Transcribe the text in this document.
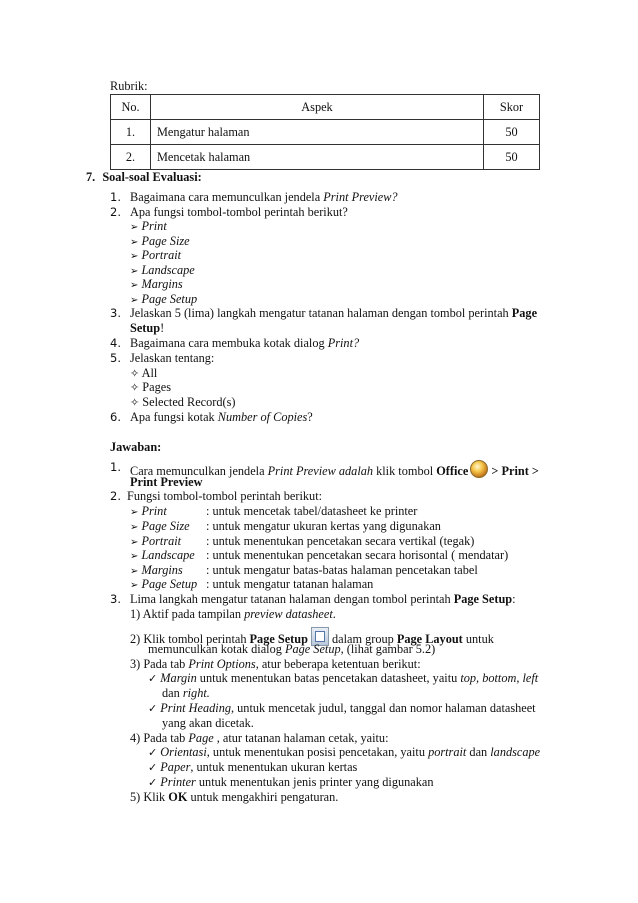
Rubrik:
No.	Aspek	Skor
1.	Mengatur halaman	50
2.	Mencetak halaman	50
7. Soal-soal Evaluasi:
1. Bagaimana cara memunculkan jendela Print Preview?
2. Apa fungsi tombol-tombol perintah berikut?
➢ Print
➢ Page Size
➢ Portrait
➢ Landscape
➢ Margins
➢ Page Setup
3. Jelaskan 5 (lima) langkah mengatur tatanan halaman dengan tombol perintah Page
Setup!
4. Bagaimana cara membuka kotak dialog Print?
5. Jelaskan tentang:
✧ All
✧ Pages
✧ Selected Record(s)
6. Apa fungsi kotak Number of Copies?
Jawaban:
1. Cara memunculkan jendela Print Preview adalah klik tombol Office > Print >
Print Preview
2. Fungsi tombol-tombol perintah berikut:
➢ Print	: untuk mencetak tabel/datasheet ke printer
➢ Page Size : untuk mengatur ukuran kertas yang digunakan
➢ Portrait : untuk menentukan pencetakan secara vertikal (tegak)
➢ Landscape : untuk menentukan pencetakan secara horisontal ( mendatar)
➢ Margins : untuk mengatur batas-batas halaman pencetakan tabel
➢ Page Setup : untuk mengatur tatanan halaman
3. Lima langkah mengatur tatanan halaman dengan tombol perintah Page Setup:
1) Aktif pada tampilan preview datasheet.
2) Klik tombol perintah Page Setup dalam group Page Layout untuk
memunculkan kotak dialog Page Setup, (lihat gambar 5.2)
3) Pada tab Print Options, atur beberapa ketentuan berikut:
✓ Margin untuk menentukan batas pencetakan datasheet, yaitu top, bottom, left
dan right.
✓ Print Heading, untuk mencetak judul, tanggal dan nomor halaman datasheet
yang akan dicetak.
4) Pada tab Page , atur tatanan halaman cetak, yaitu:
✓ Orientasi, untuk menentukan posisi pencetakan, yaitu portrait dan landscape
✓ Paper, untuk menentukan ukuran kertas
✓ Printer untuk menentukan jenis printer yang digunakan
5) Klik OK untuk mengakhiri pengaturan.
